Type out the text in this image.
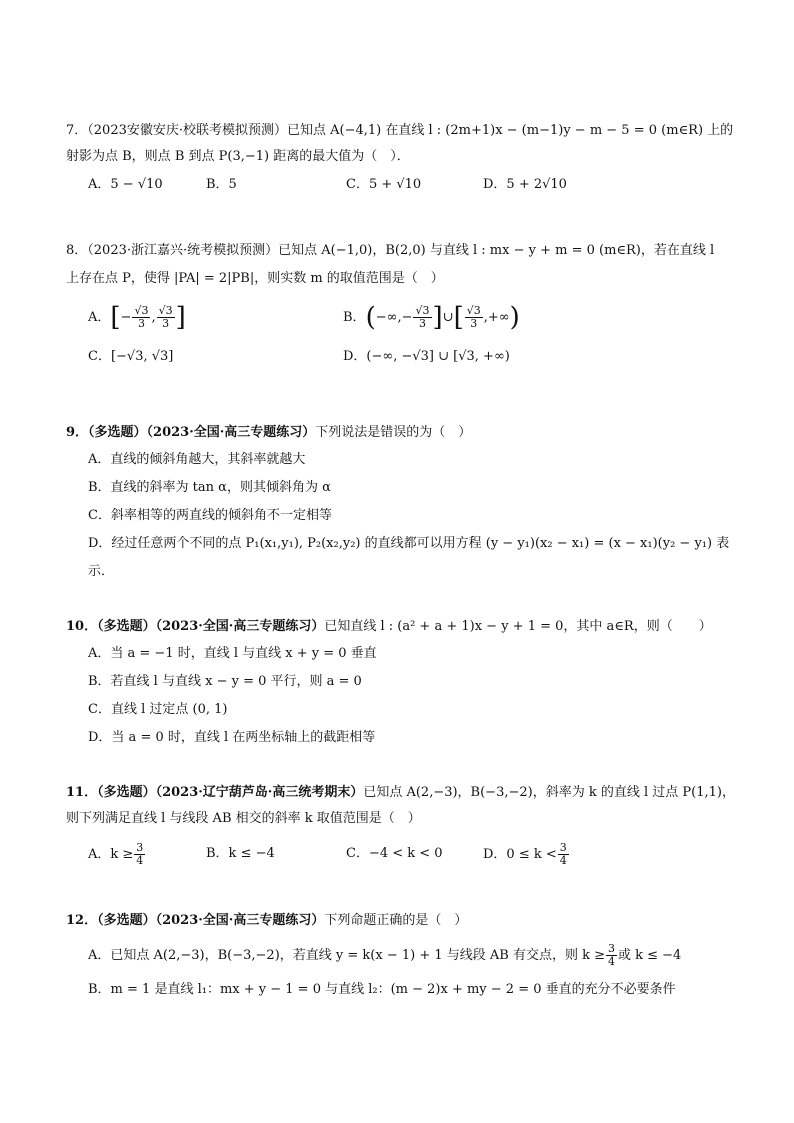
7．（2023安徽安庆·校联考模拟预测）已知点 A(−4,1) 在直线 l : (2m+1)x − (m−1)y − m − 5 = 0 (m∈R) 上的
射影为点 B，则点 B 到点 P(3,−1) 距离的最大值为（　）．
A．5 − √10	B．5	C．5 + √10	D．5 + 2√10
8．（2023·浙江嘉兴·统考模拟预测）已知点 A(−1,0)，B(2,0) 与直线 l : mx − y + m = 0 (m∈R)，若在直线 l
上存在点 P，使得 |PA| = 2|PB|，则实数 m 的取值范围是（　）
A．[− $\frac{√3}{3}$ , $\frac{√3}{3}$ ]	B．(−∞,− $\frac{√3}{3}$ ]∪[ $\frac{√3}{3}$ ,+∞)
C．[−√3, √3]	D．(−∞, −√3] ∪ [√3, +∞)
9．（多选题）（2023·全国·高三专题练习）下列说法是错误的为（　）
A．直线的倾斜角越大，其斜率就越大
B．直线的斜率为 tan α，则其倾斜角为 α
C．斜率相等的两直线的倾斜角不一定相等
D．经过任意两个不同的点 P₁(x₁,y₁), P₂(x₂,y₂) 的直线都可以用方程 (y − y₁)(x₂ − x₁) = (x − x₁)(y₂ − y₁) 表
示．
10．（多选题）（2023·全国·高三专题练习）已知直线 l : (a² + a + 1)x − y + 1 = 0，其中 a∈R，则（　　）
A．当 a = −1 时，直线 l 与直线 x + y = 0 垂直
B．若直线 l 与直线 x − y = 0 平行，则 a = 0
C．直线 l 过定点 (0, 1)
D．当 a = 0 时，直线 l 在两坐标轴上的截距相等
11．（多选题）（2023·辽宁葫芦岛·高三统考期末）已知点 A(2,−3)，B(−3,−2)，斜率为 k 的直线 l 过点 P(1,1)，
则下列满足直线 l 与线段 AB 相交的斜率 k 取值范围是（　）
A．$k \ge \frac{3}{4}$	B．k ≤ −4	C．−4 < k < 0	D．$0 \le k < \frac{3}{4}$
12．（多选题）（2023·全国·高三专题练习）下列命题正确的是（　）
A．已知点 A(2,−3)，B(−3,−2)，若直线 y = k(x − 1) + 1 与线段 AB 有交点，则 $k \ge \frac{3}{4}$ 或 k ≤ −4
B．m = 1 是直线 l₁：mx + y − 1 = 0 与直线 l₂：(m − 2)x + my − 2 = 0 垂直的充分不必要条件
